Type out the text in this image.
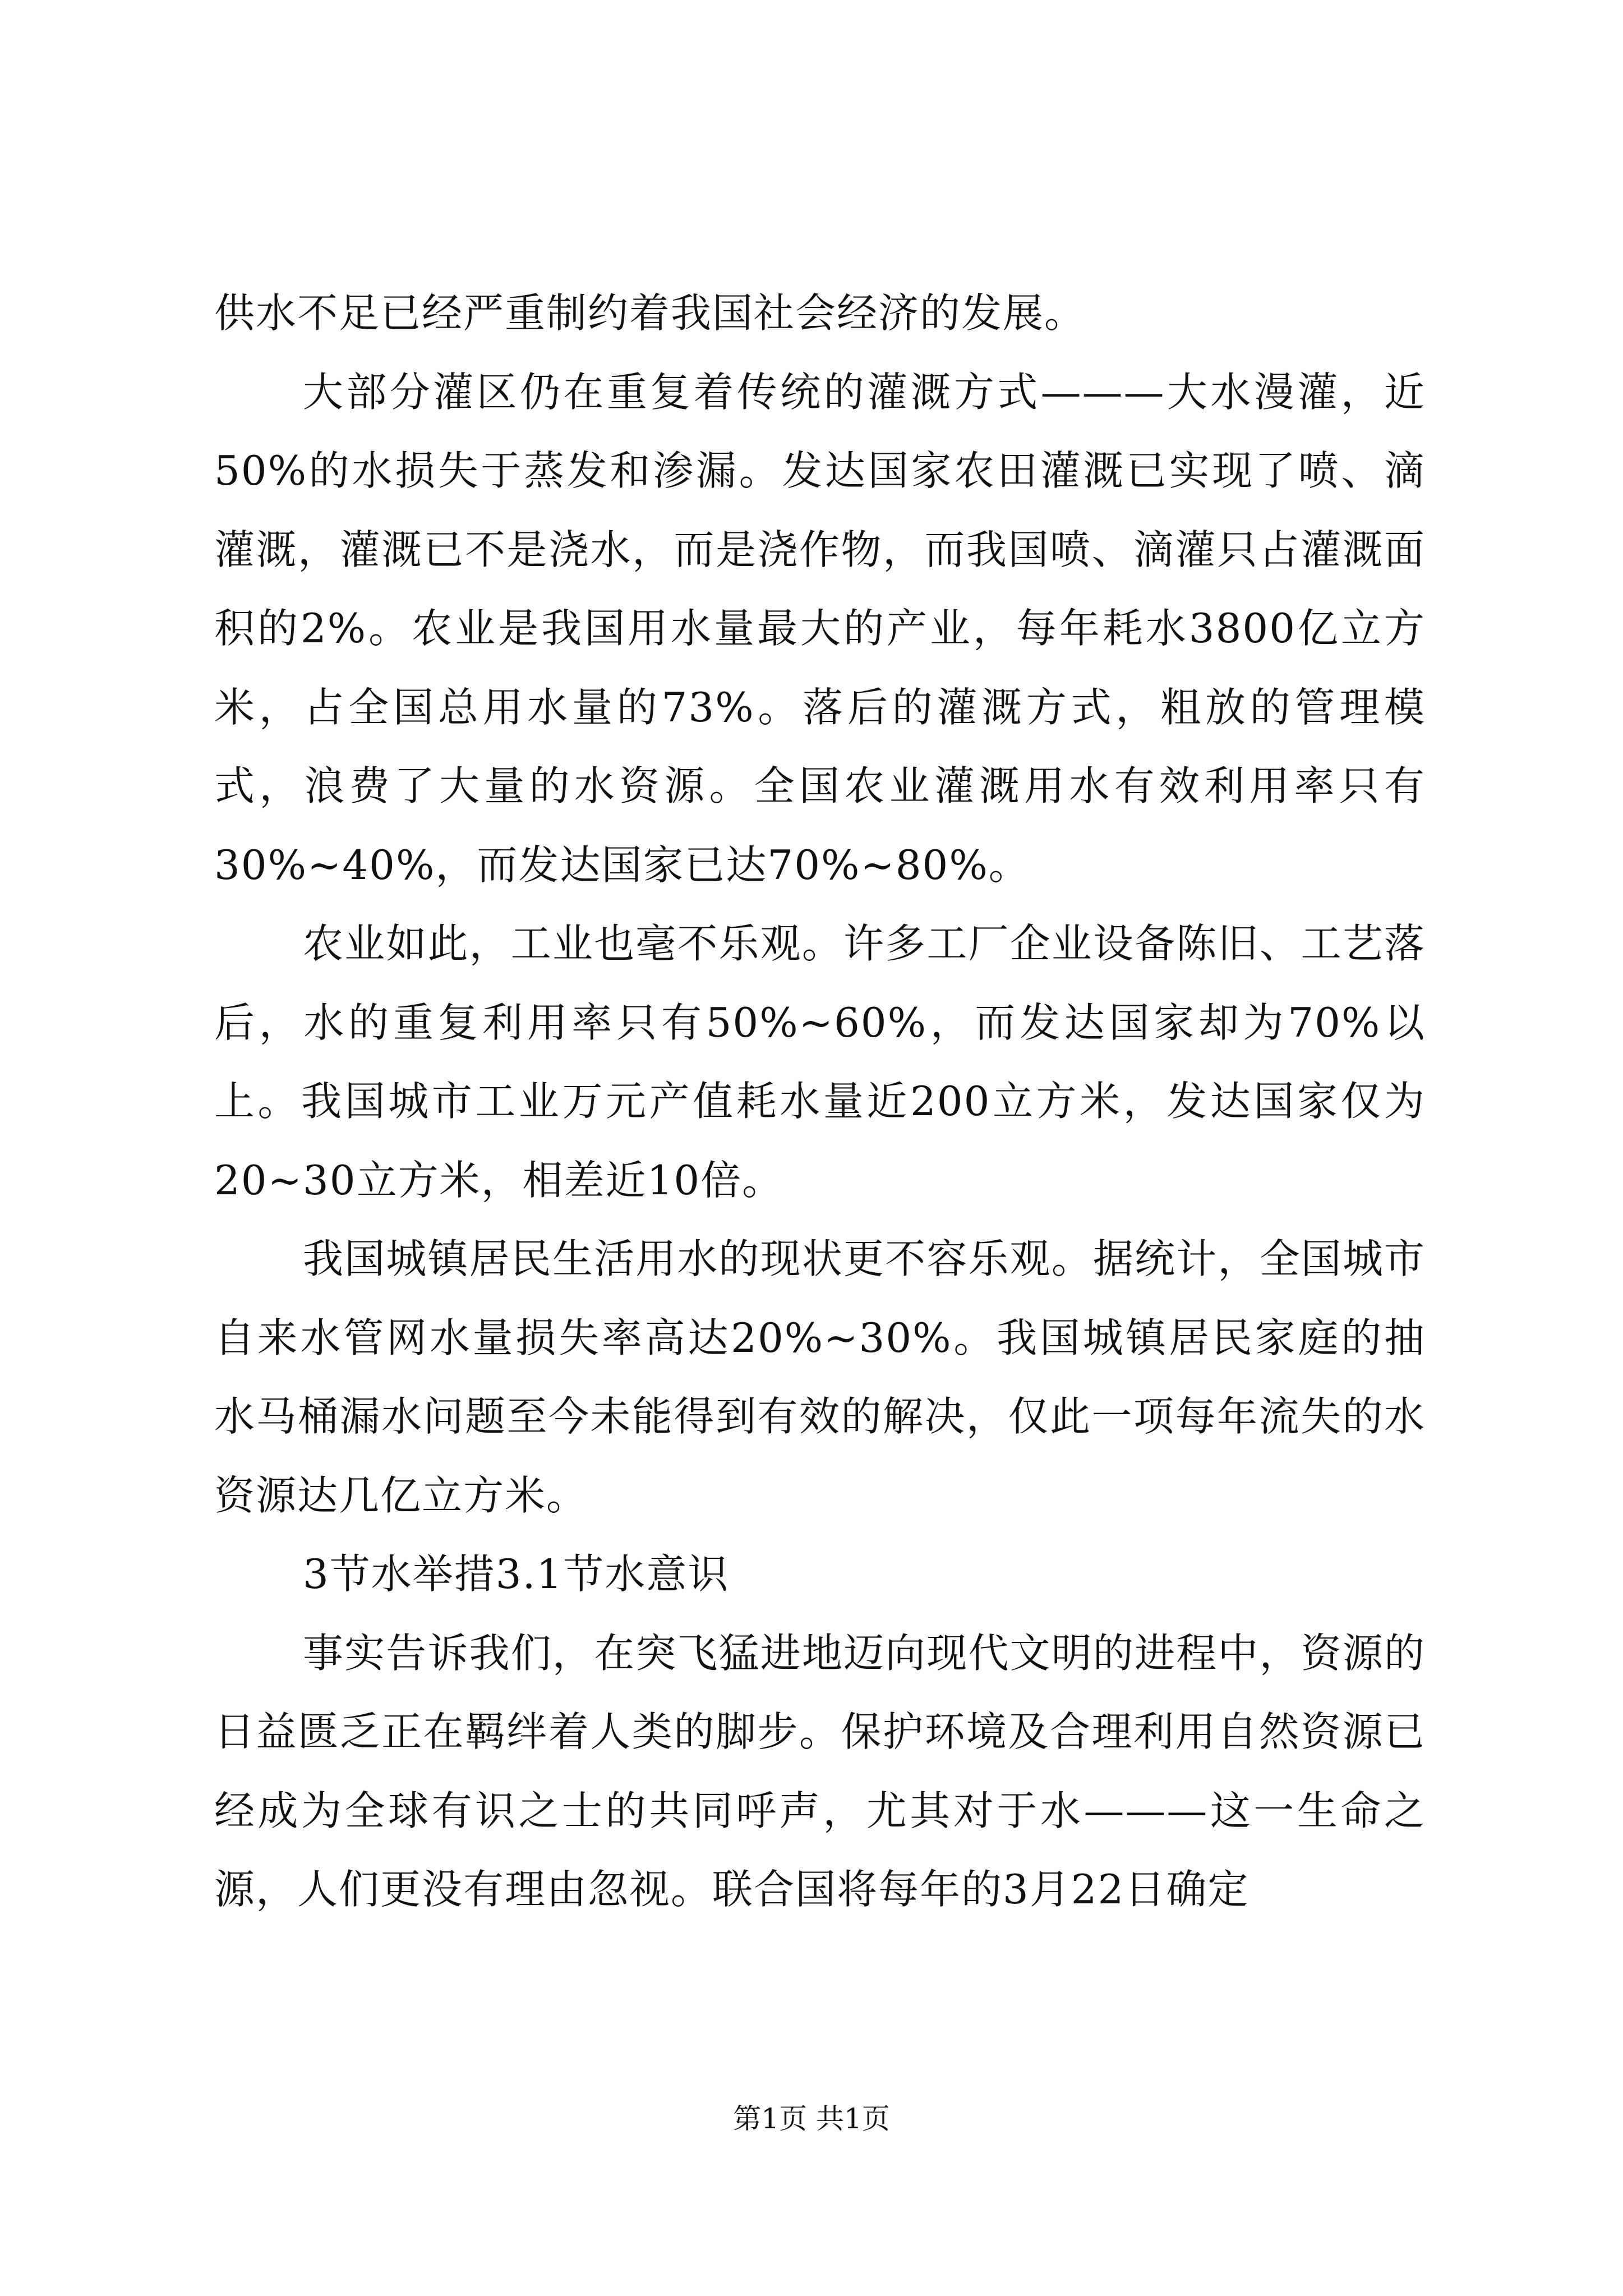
供水不足已经严重制约着我国社会经济的发展。

大部分灌区仍在重复着传统的灌溉方式———大水漫灌，近50%的水损失于蒸发和渗漏。发达国家农田灌溉已实现了喷、滴灌溉，灌溉已不是浇水，而是浇作物，而我国喷、滴灌只占灌溉面积的2%。农业是我国用水量最大的产业，每年耗水3800亿立方米，占全国总用水量的73%。落后的灌溉方式，粗放的管理模式，浪费了大量的水资源。全国农业灌溉用水有效利用率只有30%~40%，而发达国家已达70%~80%。

农业如此，工业也毫不乐观。许多工厂企业设备陈旧、工艺落后，水的重复利用率只有50%~60%，而发达国家却为70%以上。我国城市工业万元产值耗水量近200立方米，发达国家仅为20~30立方米，相差近10倍。

我国城镇居民生活用水的现状更不容乐观。据统计，全国城市自来水管网水量损失率高达20%~30%。我国城镇居民家庭的抽水马桶漏水问题至今未能得到有效的解决，仅此一项每年流失的水资源达几亿立方米。

3节水举措3.1节水意识

事实告诉我们，在突飞猛进地迈向现代文明的进程中，资源的日益匮乏正在羁绊着人类的脚步。保护环境及合理利用自然资源已经成为全球有识之士的共同呼声，尤其对于水———这一生命之源，人们更没有理由忽视。联合国将每年的3月22日确定

第1页 共1页
